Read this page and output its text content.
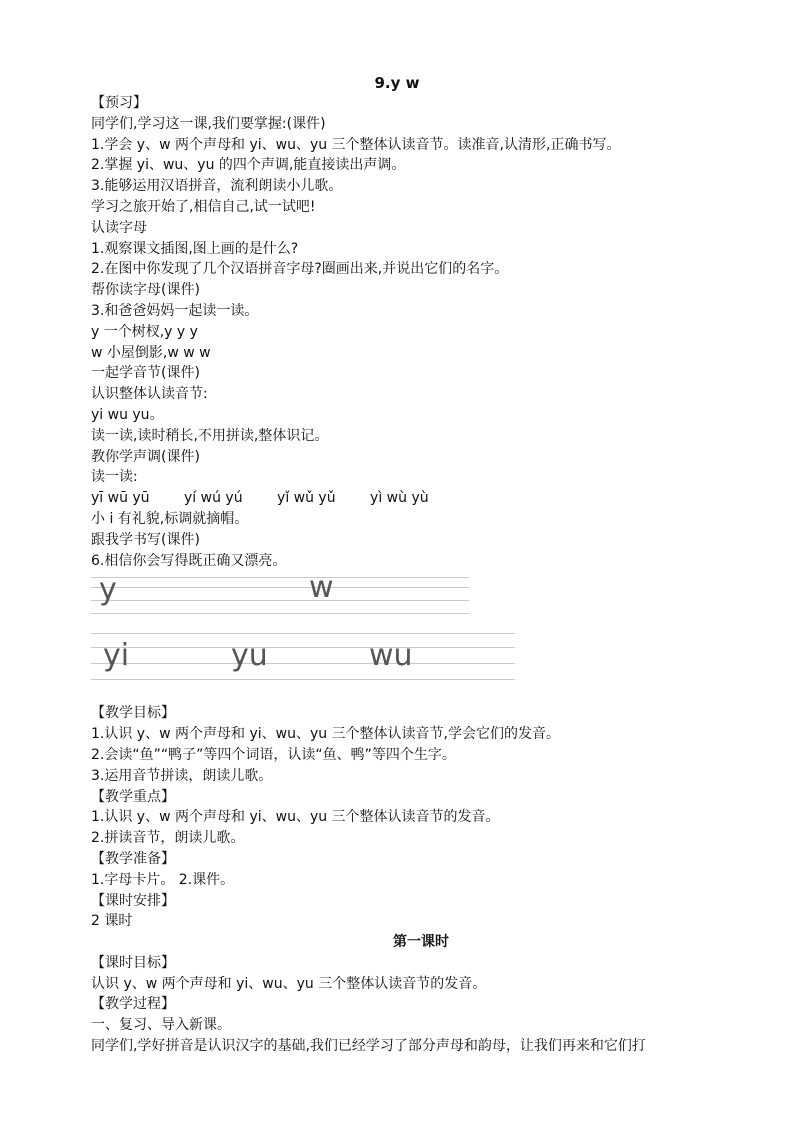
9.y w
【预习】
同学们,学习这一课,我们要掌握:(课件)
1.学会 y、w 两个声母和 yi、wu、yu 三个整体认读音节。读准音,认清形,正确书写。
2.掌握 yi、wu、yu 的四个声调,能直接读出声调。
3.能够运用汉语拼音，流利朗读小儿歌。
学习之旅开始了,相信自己,试一试吧!
认读字母
1.观察课文插图,图上画的是什么?
2.在图中你发现了几个汉语拼音字母?圈画出来,并说出它们的名字。
帮你读字母(课件)
3.和爸爸妈妈一起读一读。
y 一个树杈,y y y
w 小屋倒影,w w w
一起学音节(课件)
认识整体认读音节:
yi wu yu。
读一读,读时稍长,不用拼读,整体识记。
教你学声调(课件)
读一读:
yī wū yū yí wú yú yǐ wǔ yǔ yì wù yù
小 i 有礼貌,标调就摘帽。
跟我学书写(课件)
6.相信你会写得既正确又漂亮。
y	w
yi	yu	wu
【教学目标】
1.认识 y、w 两个声母和 yi、wu、yu 三个整体认读音节,学会它们的发音。
2.会读“鱼”“鸭子”等四个词语，认读“鱼、鸭”等四个生字。
3.运用音节拼读，朗读儿歌。
【教学重点】
1.认识 y、w 两个声母和 yi、wu、yu 三个整体认读音节的发音。
2.拼读音节，朗读儿歌。
【教学准备】
1.字母卡片。 2.课件。
【课时安排】
2 课时
第一课时
【课时目标】
认识 y、w 两个声母和 yi、wu、yu 三个整体认读音节的发音。
【教学过程】
一、复习、导入新课。
同学们,学好拼音是认识汉字的基础,我们已经学习了部分声母和韵母，让我们再来和它们打
